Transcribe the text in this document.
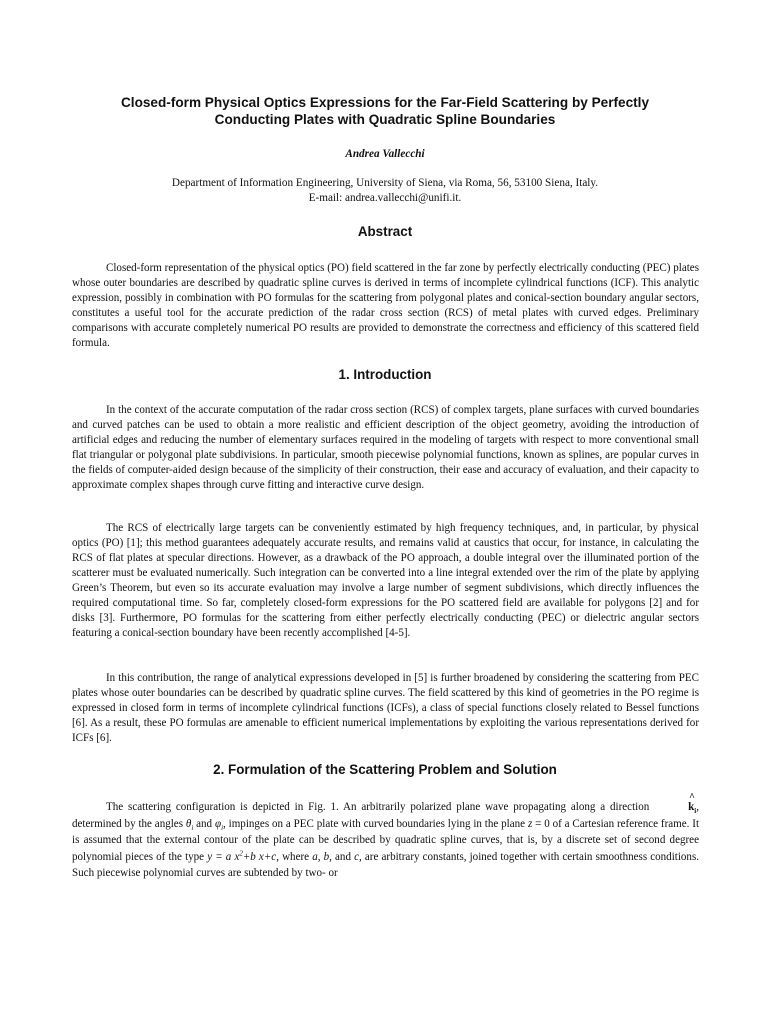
Closed-form Physical Optics Expressions for the Far-Field Scattering by Perfectly
Conducting Plates with Quadratic Spline Boundaries
Andrea Vallecchi
Department of Information Engineering, University of Siena, via Roma, 56, 53100 Siena, Italy.
E-mail: andrea.vallecchi@unifi.it.
Abstract

Closed-form representation of the physical optics (PO) field scattered in the far zone by perfectly electrically conducting (PEC) plates whose outer boundaries are described by quadratic spline curves is derived in terms of incomplete cylindrical functions (ICF). This analytic expression, possibly in combination with PO formulas for the scattering from polygonal plates and conical-section boundary angular sectors, constitutes a useful tool for the accurate prediction of the radar cross section (RCS) of metal plates with curved edges. Preliminary comparisons with accurate completely numerical PO results are provided to demonstrate the correctness and efficiency of this scattered field formula.

1. Introduction

In the context of the accurate computation of the radar cross section (RCS) of complex targets, plane surfaces with curved boundaries and curved patches can be used to obtain a more realistic and efficient description of the object geometry, avoiding the introduction of artificial edges and reducing the number of elementary surfaces required in the modeling of targets with respect to more conventional small flat triangular or polygonal plate subdivisions. In particular, smooth piecewise polynomial functions, known as splines, are popular curves in the fields of computer-aided design because of the simplicity of their construction, their ease and accuracy of evaluation, and their capacity to approximate complex shapes through curve fitting and interactive curve design.

The RCS of electrically large targets can be conveniently estimated by high frequency techniques, and, in particular, by physical optics (PO) [1]; this method guarantees adequately accurate results, and remains valid at caustics that occur, for instance, in calculating the RCS of flat plates at specular directions. However, as a drawback of the PO approach, a double integral over the illuminated portion of the scatterer must be evaluated numerically. Such integration can be converted into a line integral extended over the rim of the plate by applying Green’s Theorem, but even so its accurate evaluation may involve a large number of segment subdivisions, which directly influences the required computational time. So far, completely closed-form expressions for the PO scattered field are available for polygons [2] and for disks [3]. Furthermore, PO formulas for the scattering from either perfectly electrically conducting (PEC) or dielectric angular sectors featuring a conical-section boundary have been recently accomplished [4-5].

In this contribution, the range of analytical expressions developed in [5] is further broadened by considering the scattering from PEC plates whose outer boundaries can be described by quadratic spline curves. The field scattered by this kind of geometries in the PO regime is expressed in closed form in terms of incomplete cylindrical functions (ICFs), a class of special functions closely related to Bessel functions [6]. As a result, these PO formulas are amenable to efficient numerical implementations by exploiting the various representations derived for ICFs [6].

2. Formulation of the Scattering Problem and Solution

The scattering configuration is depicted in Fig. 1. An arbitrarily polarized plane wave propagating along a direction
^
$k_i$, determined by the angles $\theta_i$ and $\varphi_i$, impinges on a PEC plate with curved boundaries lying in the plane z = 0 of a Cartesian reference frame. It is assumed that the external contour of the plate can be described by quadratic spline curves, that is, by a discrete set of second degree polynomial pieces of the type y = a $x^2+b$ x+c, where a, b, and c, are arbitrary constants, joined together with certain smoothness conditions. Such piecewise polynomial curves are subtended by two- or
